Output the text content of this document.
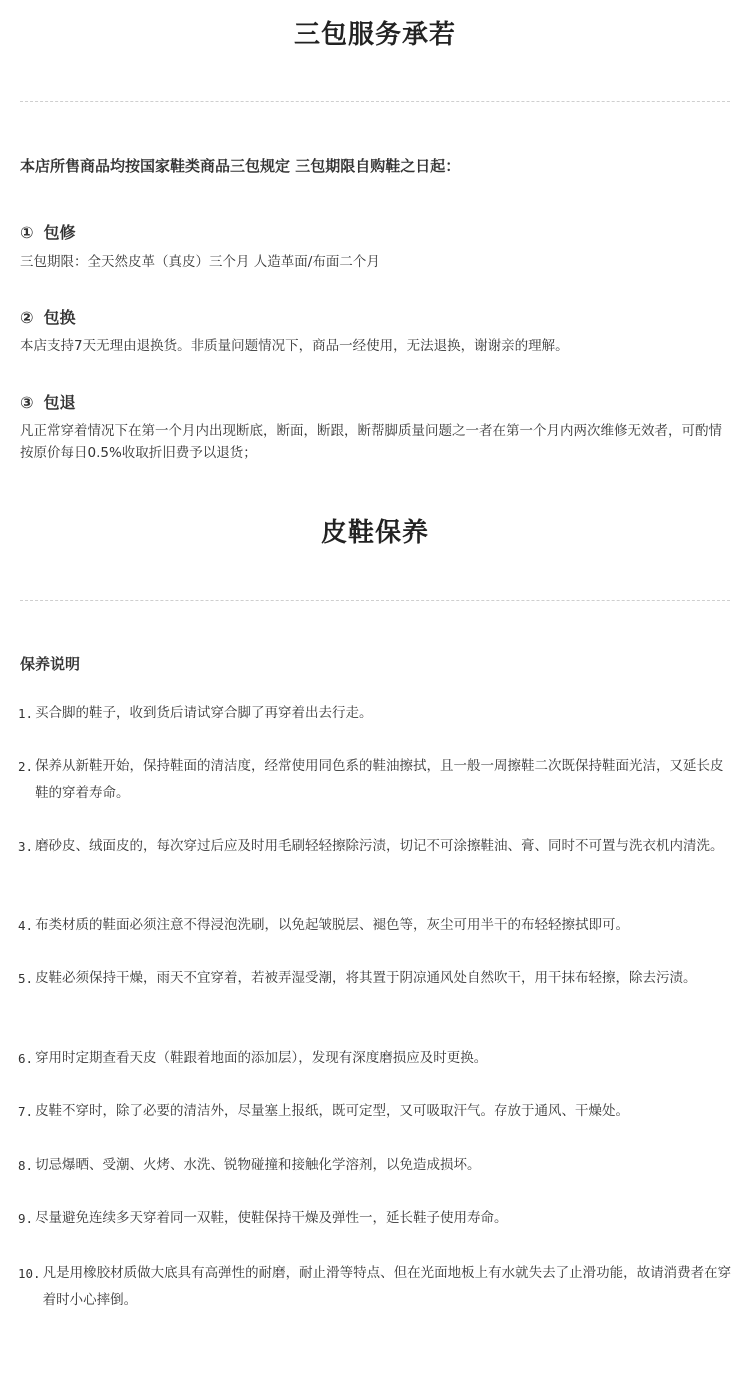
三包服务承若
本店所售商品均按国家鞋类商品三包规定 三包期限自购鞋之日起：
① 包修
三包期限：全天然皮革（真皮）三个月 人造革面/布面二个月
② 包换
本店支持7天无理由退换货。非质量问题情况下，商品一经使用，无法退换，谢谢亲的理解。
③ 包退
凡正常穿着情况下在第一个月内出现断底，断面，断跟，断帮脚质量问题之一者在第一个月内两次维修无效者，可酌情按原价每日0.5%收取折旧费予以退货；
皮鞋保养
保养说明
1. 买合脚的鞋子，收到货后请试穿合脚了再穿着出去行走。
2. 保养从新鞋开始，保持鞋面的清洁度，经常使用同色系的鞋油擦拭，且一般一周擦鞋二次既保持鞋面光洁，又延长皮鞋的穿着寿命。
3. 磨砂皮、绒面皮的，每次穿过后应及时用毛刷轻轻擦除污渍，切记不可涂擦鞋油、膏、同时不可置与洗衣机内清洗。
4. 布类材质的鞋面必须注意不得浸泡洗刷，以免起皱脱层、褪色等，灰尘可用半干的布轻轻擦拭即可。
5. 皮鞋必须保持干燥，雨天不宜穿着，若被弄湿受潮，将其置于阴凉通风处自然吹干，用干抹布轻擦，除去污渍。
6. 穿用时定期查看天皮（鞋跟着地面的添加层），发现有深度磨损应及时更换。
7. 皮鞋不穿时，除了必要的清洁外，尽量塞上报纸，既可定型，又可吸取汗气。存放于通风、干燥处。
8. 切忌爆晒、受潮、火烤、水洗、锐物碰撞和接触化学溶剂，以免造成损坏。
9. 尽量避免连续多天穿着同一双鞋，使鞋保持干燥及弹性一，延长鞋子使用寿命。
10. 凡是用橡胶材质做大底具有高弹性的耐磨，耐止滑等特点、但在光面地板上有水就失去了止滑功能，故请消费者在穿着时小心摔倒。
